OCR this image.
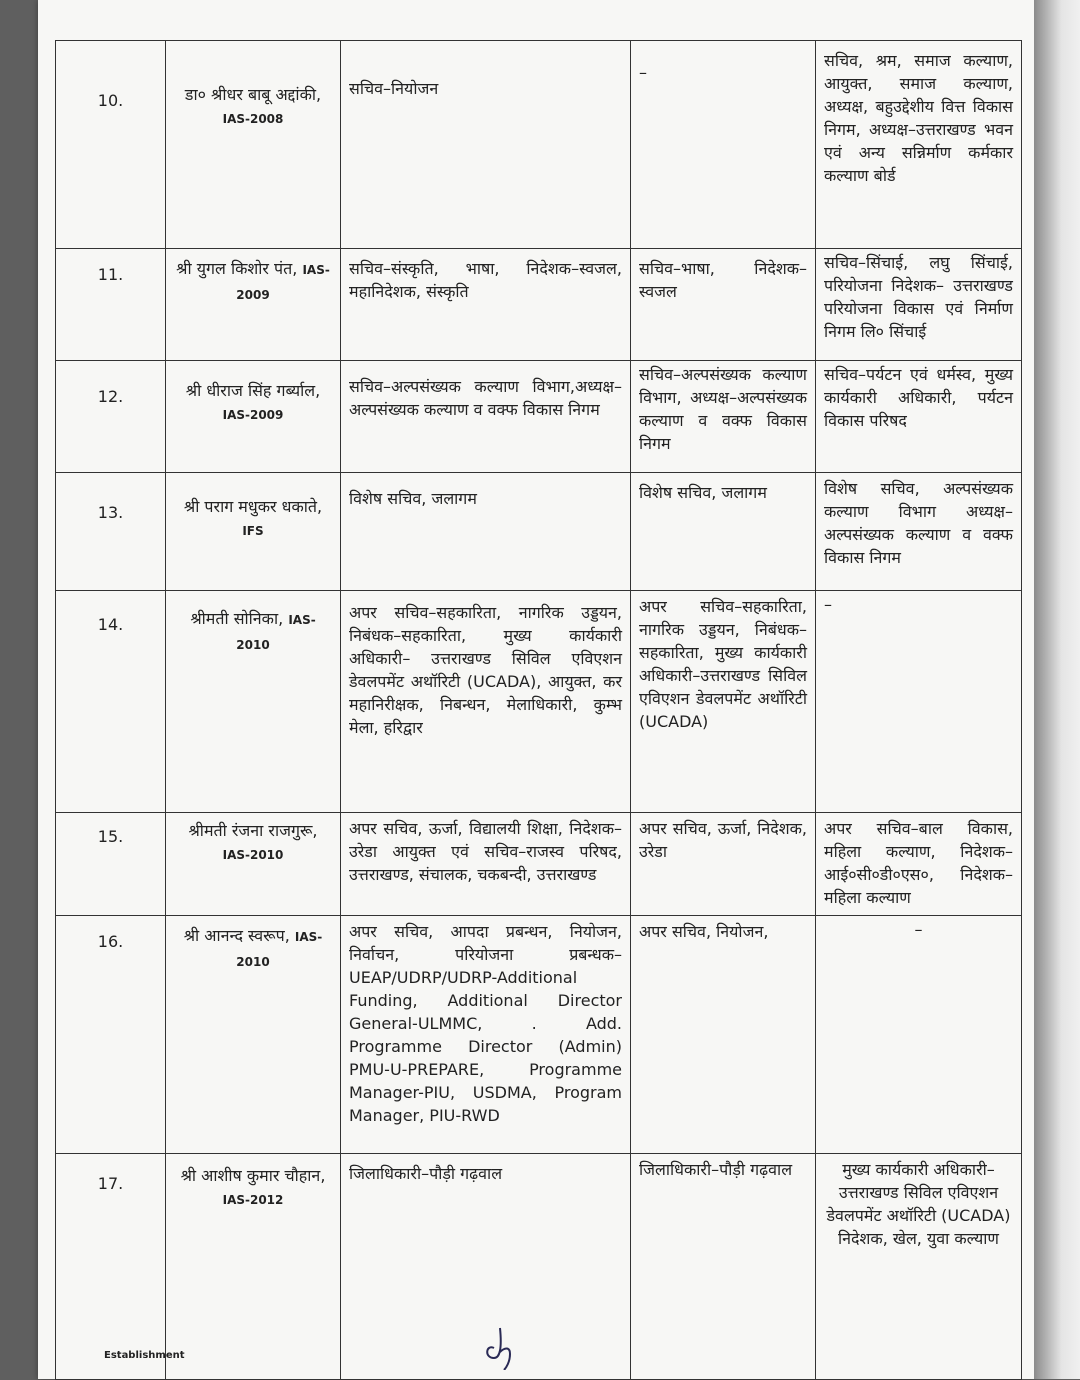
10.	डा० श्रीधर बाबू अद्दांकी, IAS-2008	सचिव–नियोजन	–	सचिव, श्रम, समाज कल्याण, आयुक्त, समाज कल्याण, अध्यक्ष, बहुउद्देशीय वित्त विकास निगम, अध्यक्ष–उत्तराखण्ड भवन एवं अन्य सन्निर्माण कर्मकार कल्याण बोर्ड
11.	श्री युगल किशोर पंत, IAS-2009	सचिव–संस्कृति, भाषा, निदेशक–स्वजल, महानिदेशक, संस्कृति	सचिव–भाषा, निदेशक–स्वजल	सचिव–सिंचाई, लघु सिंचाई, परियोजना निदेशक– उत्तराखण्ड परियोजना विकास एवं निर्माण निगम लि० सिंचाई
12.	श्री धीराज सिंह गर्ब्याल, IAS-2009	सचिव–अल्पसंख्यक कल्याण विभाग,अध्यक्ष–अल्पसंख्यक कल्याण व वक्फ विकास निगम	सचिव–अल्पसंख्यक कल्याण विभाग, अध्यक्ष–अल्पसंख्यक कल्याण व वक्फ विकास निगम	सचिव–पर्यटन एवं धर्मस्व, मुख्य कार्यकारी अधिकारी, पर्यटन विकास परिषद
13.	श्री पराग मधुकर धकाते, IFS	विशेष सचिव, जलागम	विशेष सचिव, जलागम	विशेष सचिव, अल्पसंख्यक कल्याण विभाग अध्यक्ष–अल्पसंख्यक कल्याण व वक्फ विकास निगम
14.	श्रीमती सोनिका, IAS-2010	अपर सचिव–सहकारिता, नागरिक उड्डयन, निबंधक–सहकारिता, मुख्य कार्यकारी अधिकारी– उत्तराखण्ड सिविल एविएशन डेवलपमेंट अथॉरिटी (UCADA), आयुक्त, कर महानिरीक्षक, निबन्धन, मेलाधिकारी, कुम्भ मेला, हरिद्वार	अपर सचिव–सहकारिता, नागरिक उड्डयन, निबंधक–सहकारिता, मुख्य कार्यकारी अधिकारी–उत्तराखण्ड सिविल एविएशन डेवलपमेंट अथॉरिटी (UCADA)	–
15.	श्रीमती रंजना राजगुरू, IAS-2010	अपर सचिव, ऊर्जा, विद्यालयी शिक्षा, निदेशक–उरेडा आयुक्त एवं सचिव–राजस्व परिषद, उत्तराखण्ड, संचालक, चकबन्दी, उत्तराखण्ड	अपर सचिव, ऊर्जा, निदेशक, उरेडा	अपर सचिव–बाल विकास, महिला कल्याण, निदेशक–आई०सी०डी०एस०, निदेशक–महिला कल्याण
16.	श्री आनन्द स्वरूप, IAS-2010	अपर सचिव, आपदा प्रबन्धन, नियोजन, निर्वाचन, परियोजना प्रबन्धक–UEAP/UDRP/UDRP-Additional Funding, Additional Director General-ULMMC, . Add. Programme Director (Admin) PMU-U-PREPARE, Programme Manager-PIU, USDMA, Program Manager, PIU-RWD	अपर सचिव, नियोजन,	–
17.	श्री आशीष कुमार चौहान, IAS-2012	जिलाधिकारी–पौड़ी गढ़वाल	जिलाधिकारी–पौड़ी गढ़वाल	मुख्य कार्यकारी अधिकारी–उत्तराखण्ड सिविल एविएशन डेवलपमेंट अथॉरिटी (UCADA) निदेशक, खेल, युवा कल्याण
Establishment
